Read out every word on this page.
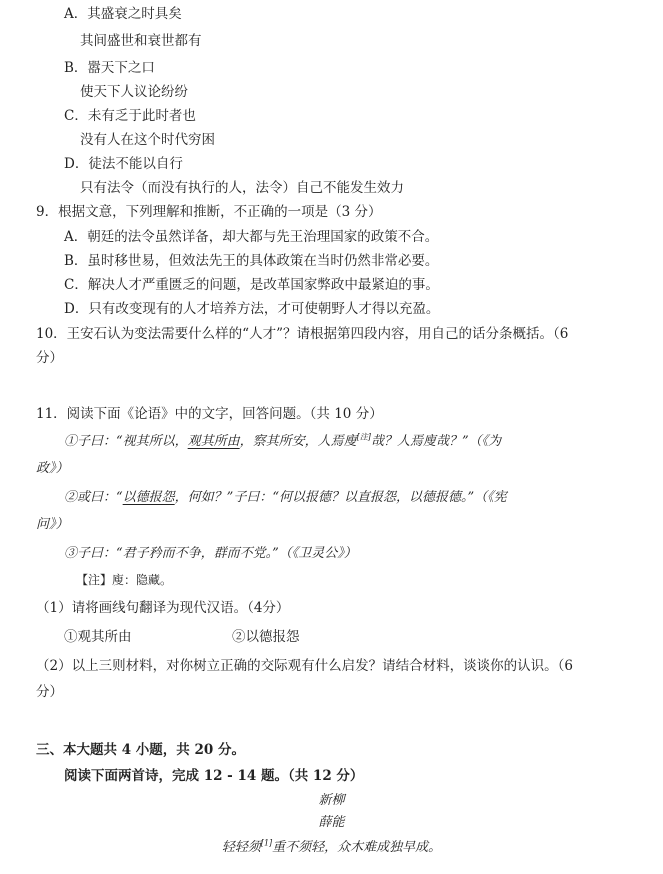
A．其盛衰之时具矣
其间盛世和衰世都有
B．嚣天下之口
使天下人议论纷纷
C．未有乏于此时者也
没有人在这个时代穷困
D．徒法不能以自行
只有法令（而没有执行的人，法令）自己不能发生效力
9．根据文意，下列理解和推断，不正确的一项是（3 分）
A．朝廷的法令虽然详备，却大都与先王治理国家的政策不合。
B．虽时移世易，但效法先王的具体政策在当时仍然非常必要。
C．解决人才严重匮乏的问题，是改革国家弊政中最紧迫的事。
D．只有改变现有的人才培养方法，才可使朝野人才得以充盈。
10．王安石认为变法需要什么样的“人才”？请根据第四段内容，用自己的话分条概括。（6
分）
11．阅读下面《论语》中的文字，回答问题。（共 10 分）
①子曰：“视其所以，观其所由，察其所安，人焉廋[注]哉？人焉廋哉？”（《为
政》）
②或曰：“以德报怨，何如？”子曰：“何以报德？以直报怨，以德报德。”（《宪
问》）
③子曰：“君子矜而不争，群而不党。”（《卫灵公》）
【注】廋：隐藏。
（1）请将画线句翻译为现代汉语。（4分）
①观其所由	②以德报怨
（2）以上三则材料，对你树立正确的交际观有什么启发？请结合材料，谈谈你的认识。（6
分）
三、本大题共 4 小题，共 20 分。
阅读下面两首诗，完成 12 - 14 题。（共 12 分）
新柳
薛能
轻轻须[1]重不须轻，众木难成独早成。
